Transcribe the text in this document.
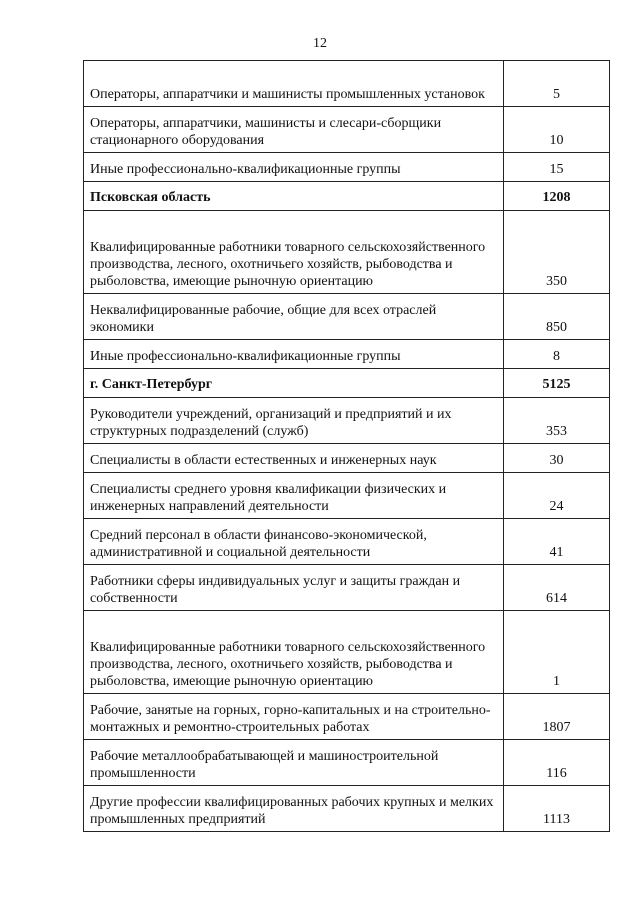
12
Операторы, аппаратчики и машинисты промышленных установок	5
Операторы, аппаратчики, машинисты и слесари-сборщики стационарного оборудования	10
Иные профессионально-квалификационные группы	15
Псковская область	1208
Квалифицированные работники товарного сельскохозяйственного производства, лесного, охотничьего хозяйств, рыбоводства и рыболовства, имеющие рыночную ориентацию	350
Неквалифицированные рабочие, общие для всех отраслей экономики	850
Иные профессионально-квалификационные группы	8
г. Санкт-Петербург	5125
Руководители учреждений, организаций и предприятий и их структурных подразделений (служб)	353
Специалисты в области естественных и инженерных наук	30
Специалисты среднего уровня квалификации физических и инженерных направлений деятельности	24
Средний персонал в области финансово-экономической, административной и социальной деятельности	41
Работники сферы индивидуальных услуг и защиты граждан и собственности	614
Квалифицированные работники товарного сельскохозяйственного производства, лесного, охотничьего хозяйств, рыбоводства и рыболовства, имеющие рыночную ориентацию	1
Рабочие, занятые на горных, горно-капитальных и на строительно-монтажных и ремонтно-строительных работах	1807
Рабочие металлообрабатывающей и машиностроительной промышленности	116
Другие профессии квалифицированных рабочих крупных и мелких промышленных предприятий	1113
